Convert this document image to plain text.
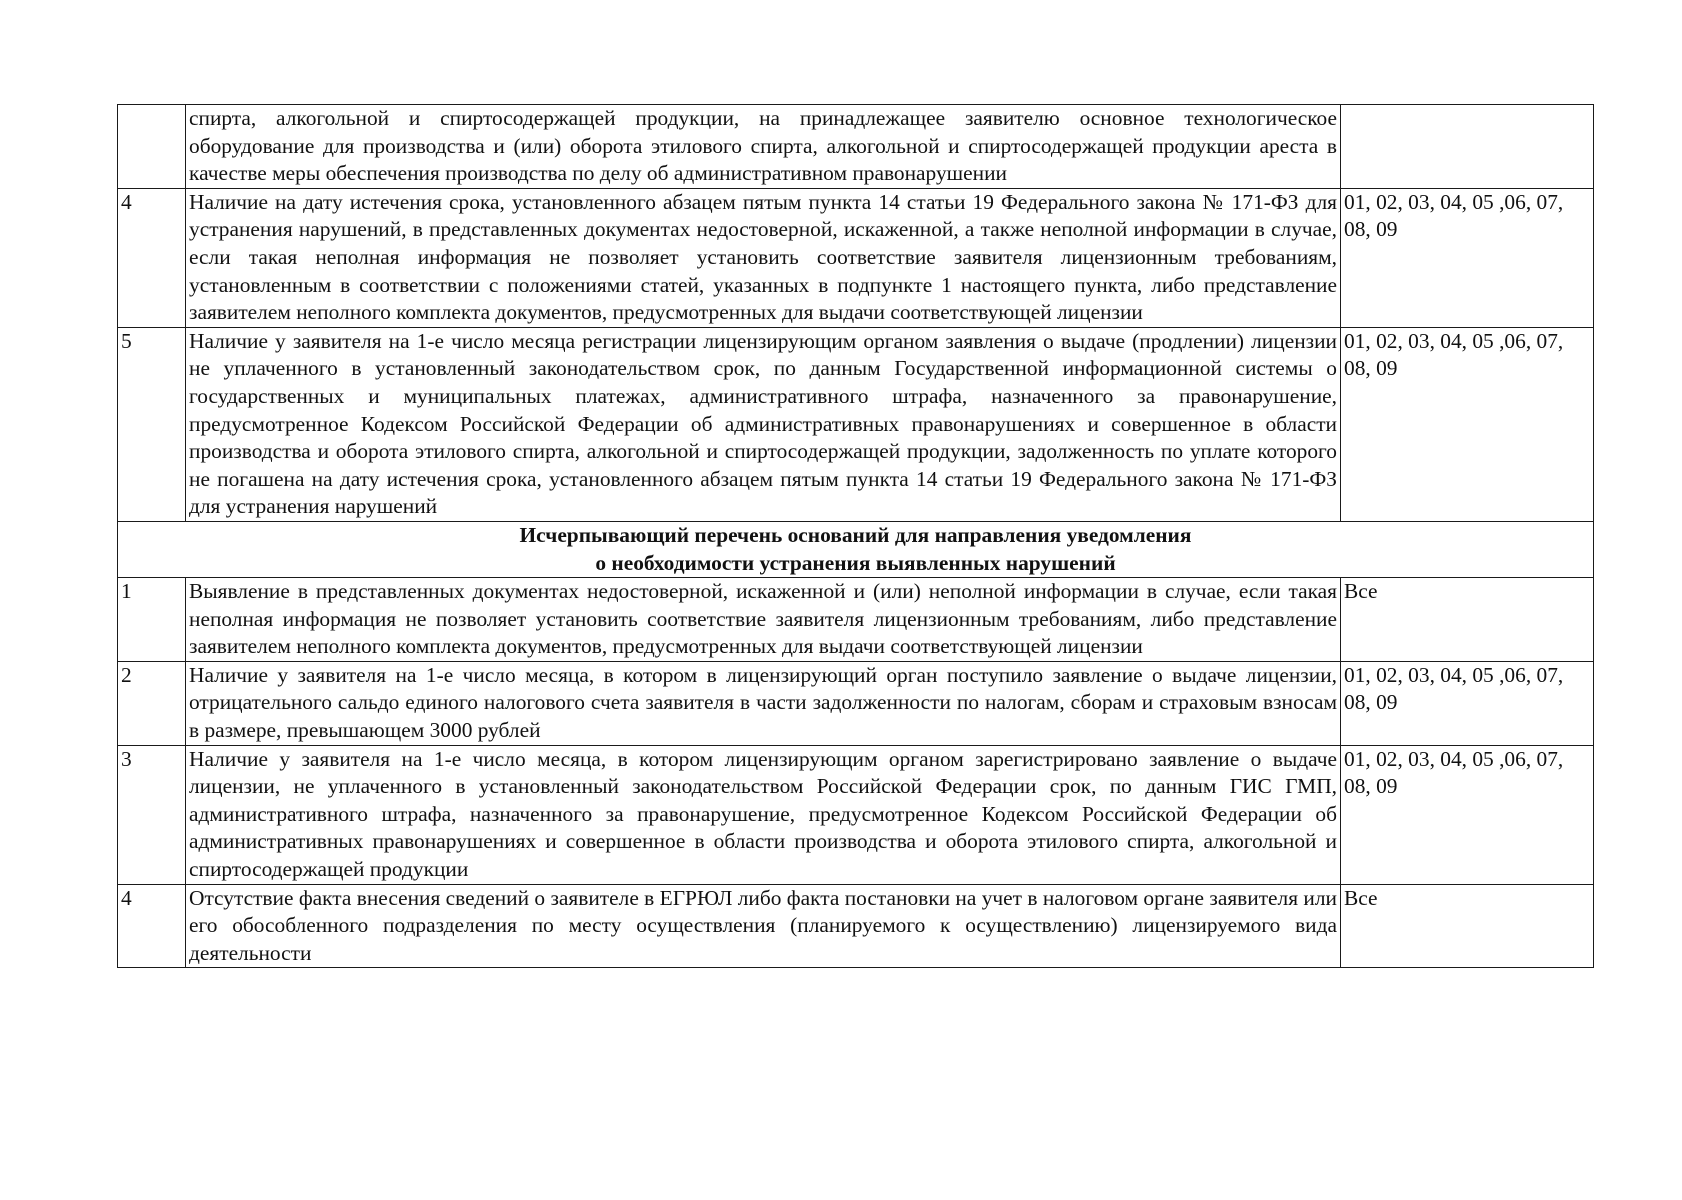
	спирта, алкогольной и спиртосодержащей продукции, на принадлежащее заявителю основное технологическое оборудование для производства и (или) оборота этилового спирта, алкогольной и спиртосодержащей продукции ареста в качестве меры обеспечения производства по делу об административном правонарушении	
4	Наличие на дату истечения срока, установленного абзацем пятым пункта 14 статьи 19 Федерального закона № 171-ФЗ для устранения нарушений, в представленных документах недостоверной, искаженной, а также неполной информации в случае, если такая неполная информация не позволяет установить соответствие заявителя лицензионным требованиям, установленным в соответствии с положениями статей, указанных в подпункте 1 настоящего пункта, либо представление заявителем неполного комплекта документов, предусмотренных для выдачи соответствующей лицензии	01, 02, 03, 04, 05 ,06, 07, 08, 09
5	Наличие у заявителя на 1-е число месяца регистрации лицензирующим органом заявления о выдаче (продлении) лицензии не уплаченного в установленный законодательством срок, по данным Государственной информационной системы о государственных и муниципальных платежах, административного штрафа, назначенного за правонарушение, предусмотренное Кодексом Российской Федерации об административных правонарушениях и совершенное в области производства и оборота этилового спирта, алкогольной и спиртосодержащей продукции, задолженность по уплате которого не погашена на дату истечения срока, установленного абзацем пятым пункта 14 статьи 19 Федерального закона № 171-ФЗ для устранения нарушений	01, 02, 03, 04, 05 ,06, 07, 08, 09

Исчерпывающий перечень оснований для направления уведомления
о необходимости устранения выявленных нарушений		

1	Выявление в представленных документах недостоверной, искаженной и (или) неполной информации в случае, если такая неполная информация не позволяет установить соответствие заявителя лицензионным требованиям, либо представление заявителем неполного комплекта документов, предусмотренных для выдачи соответствующей лицензии	Все
2	Наличие у заявителя на 1-е число месяца, в котором в лицензирующий орган поступило заявление о выдаче лицензии, отрицательного сальдо единого налогового счета заявителя в части задолженности по налогам, сборам и страховым взносам в размере, превышающем 3000 рублей	01, 02, 03, 04, 05 ,06, 07, 08, 09
3	Наличие у заявителя на 1-е число месяца, в котором лицензирующим органом зарегистрировано заявление о выдаче лицензии, не уплаченного в установленный законодательством Российской Федерации срок, по данным ГИС ГМП, административного штрафа, назначенного за правонарушение, предусмотренное Кодексом Российской Федерации об административных правонарушениях и совершенное в области производства и оборота этилового спирта, алкогольной и спиртосодержащей продукции	01, 02, 03, 04, 05 ,06, 07, 08, 09
4	Отсутствие факта внесения сведений о заявителе в ЕГРЮЛ либо факта постановки на учет в налоговом органе заявителя или его обособленного подразделения по месту осуществления (планируемого к осуществлению) лицензируемого вида деятельности	Все
